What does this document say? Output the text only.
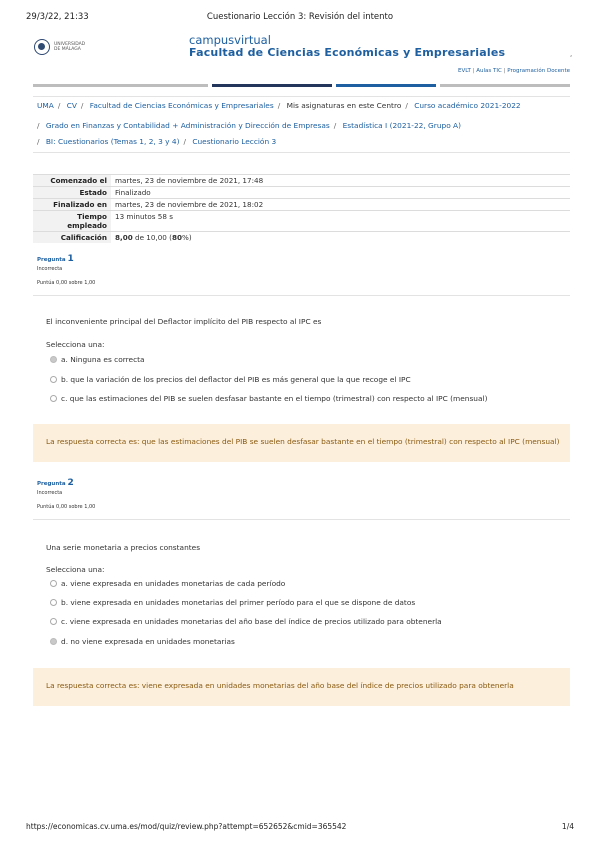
29/3/22, 21:33	Cuestionario Lección 3: Revisión del intento
UNIVERSIDAD
DE MÁLAGA
campusvirtual
Facultad de Ciencias Económicas y Empresariales	,
EVLT | Aulas TIC | Programación Docente
UMA / CV / Facultad de Ciencias Económicas y Empresariales / Mis asignaturas en este Centro / Curso académico 2021-2022
/ Grado en Finanzas y Contabilidad + Administración y Dirección de Empresas / Estadística I (2021-22, Grupo A)
/ BI: Cuestionarios (Temas 1, 2, 3 y 4) / Cuestionario Lección 3
Comenzado el	martes, 23 de noviembre de 2021, 17:48
Estado	Finalizado
Finalizado en	martes, 23 de noviembre de 2021, 18:02
Tiempo
empleado	13 minutos 58 s
Calificación	8,00 de 10,00 (80%)
Pregunta 1
Incorrecta
Puntúa 0,00 sobre 1,00
El inconveniente principal del Deflactor implícito del PIB respecto al IPC es
Selecciona una:
a. Ninguna es correcta
b. que la variación de los precios del deflactor del PIB es más general que la que recoge el IPC
c. que las estimaciones del PIB se suelen desfasar bastante en el tiempo (trimestral) con respecto al IPC (mensual)
La respuesta correcta es: que las estimaciones del PIB se suelen desfasar bastante en el tiempo (trimestral) con respecto al IPC (mensual)
Pregunta 2
Incorrecta
Puntúa 0,00 sobre 1,00
Una serie monetaria a precios constantes
Selecciona una:
a. viene expresada en unidades monetarias de cada período
b. viene expresada en unidades monetarias del primer período para el que se dispone de datos
c. viene expresada en unidades monetarias del año base del índice de precios utilizado para obtenerla
d. no viene expresada en unidades monetarias
La respuesta correcta es: viene expresada en unidades monetarias del año base del índice de precios utilizado para obtenerla
https://economicas.cv.uma.es/mod/quiz/review.php?attempt=652652&cmid=365542	1/4
